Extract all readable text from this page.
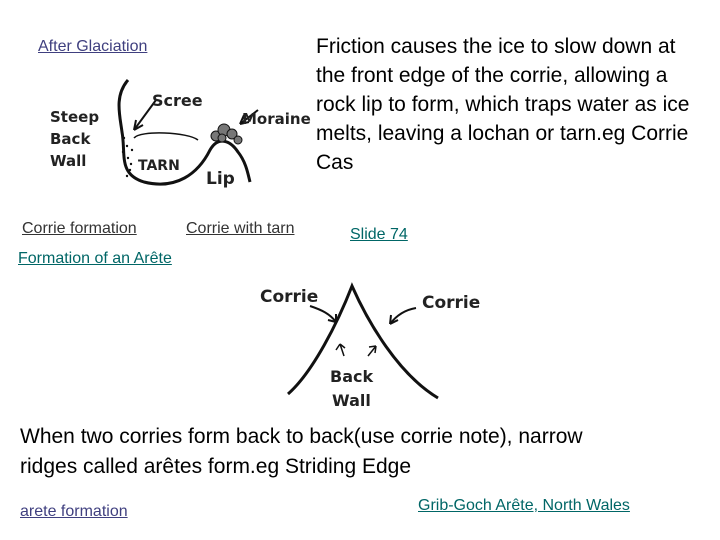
After Glaciation
Steep
Back
Wall
Scree
Moraine
TARN
Lip
Friction causes the ice to slow down at the front edge of the corrie, allowing a rock lip to form, which traps water as ice melts, leaving a lochan or tarn.eg Corrie Cas
Corrie formation	Corrie with tarn	Slide 74
Formation of an Arête
Corrie	Corrie
Back
Wall
When two corries form back to back(use corrie note), narrow ridges called arêtes form.eg Striding Edge
arete formation	Grib-Goch Arête, North Wales
